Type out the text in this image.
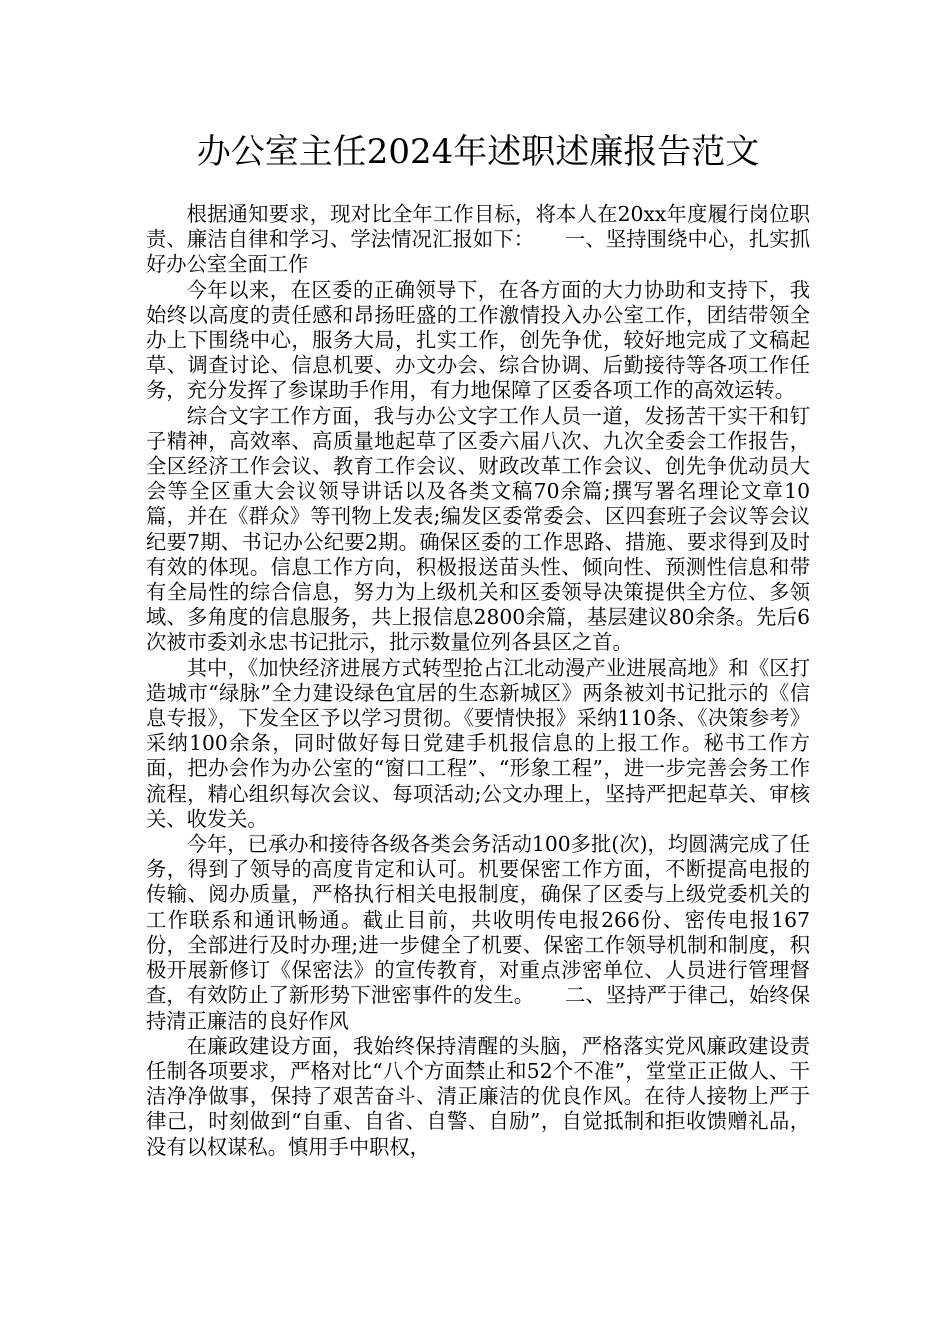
办公室主任2024年述职述廉报告范文

根据通知要求，现对比全年工作目标，将本人在20xx年度履行岗位职责、廉洁自律和学习、学法情况汇报如下：　　一、坚持围绕中心，扎实抓好办公室全面工作

今年以来，在区委的正确领导下，在各方面的大力协助和支持下，我始终以高度的责任感和昂扬旺盛的工作激情投入办公室工作，团结带领全办上下围绕中心，服务大局，扎实工作，创先争优，较好地完成了文稿起草、调查讨论、信息机要、办文办会、综合协调、后勤接待等各项工作任务，充分发挥了参谋助手作用，有力地保障了区委各项工作的高效运转。

综合文字工作方面，我与办公文字工作人员一道，发扬苦干实干和钉子精神，高效率、高质量地起草了区委六届八次、九次全委会工作报告，全区经济工作会议、教育工作会议、财政改革工作会议、创先争优动员大会等全区重大会议领导讲话以及各类文稿70余篇;撰写署名理论文章10篇，并在《群众》等刊物上发表;编发区委常委会、区四套班子会议等会议纪要7期、书记办公纪要2期。确保区委的工作思路、措施、要求得到及时有效的体现。信息工作方向，积极报送苗头性、倾向性、预测性信息和带有全局性的综合信息，努力为上级机关和区委领导决策提供全方位、多领域、多角度的信息服务，共上报信息2800余篇，基层建议80余条。先后6次被市委刘永忠书记批示，批示数量位列各县区之首。

其中，《加快经济进展方式转型抢占江北动漫产业进展高地》和《区打造城市“绿脉”全力建设绿色宜居的生态新城区》两条被刘书记批示的《信息专报》，下发全区予以学习贯彻。《要情快报》采纳110条、《决策参考》采纳100余条，同时做好每日党建手机报信息的上报工作。秘书工作方面，把办会作为办公室的“窗口工程”、“形象工程”，进一步完善会务工作流程，精心组织每次会议、每项活动;公文办理上，坚持严把起草关、审核关、收发关。

今年，已承办和接待各级各类会务活动100多批(次)，均圆满完成了任务，得到了领导的高度肯定和认可。机要保密工作方面，不断提高电报的传输、阅办质量，严格执行相关电报制度，确保了区委与上级党委机关的工作联系和通讯畅通。截止目前，共收明传电报266份、密传电报167份，全部进行及时办理;进一步健全了机要、保密工作领导机制和制度，积极开展新修订《保密法》的宣传教育，对重点涉密单位、人员进行管理督查，有效防止了新形势下泄密事件的发生。　　二、坚持严于律己，始终保持清正廉洁的良好作风

在廉政建设方面，我始终保持清醒的头脑，严格落实党风廉政建设责任制各项要求，严格对比“八个方面禁止和52个不准”，堂堂正正做人、干洁净净做事，保持了艰苦奋斗、清正廉洁的优良作风。在待人接物上严于律己，时刻做到“自重、自省、自警、自励”，自觉抵制和拒收馈赠礼品，没有以权谋私。慎用手中职权，
